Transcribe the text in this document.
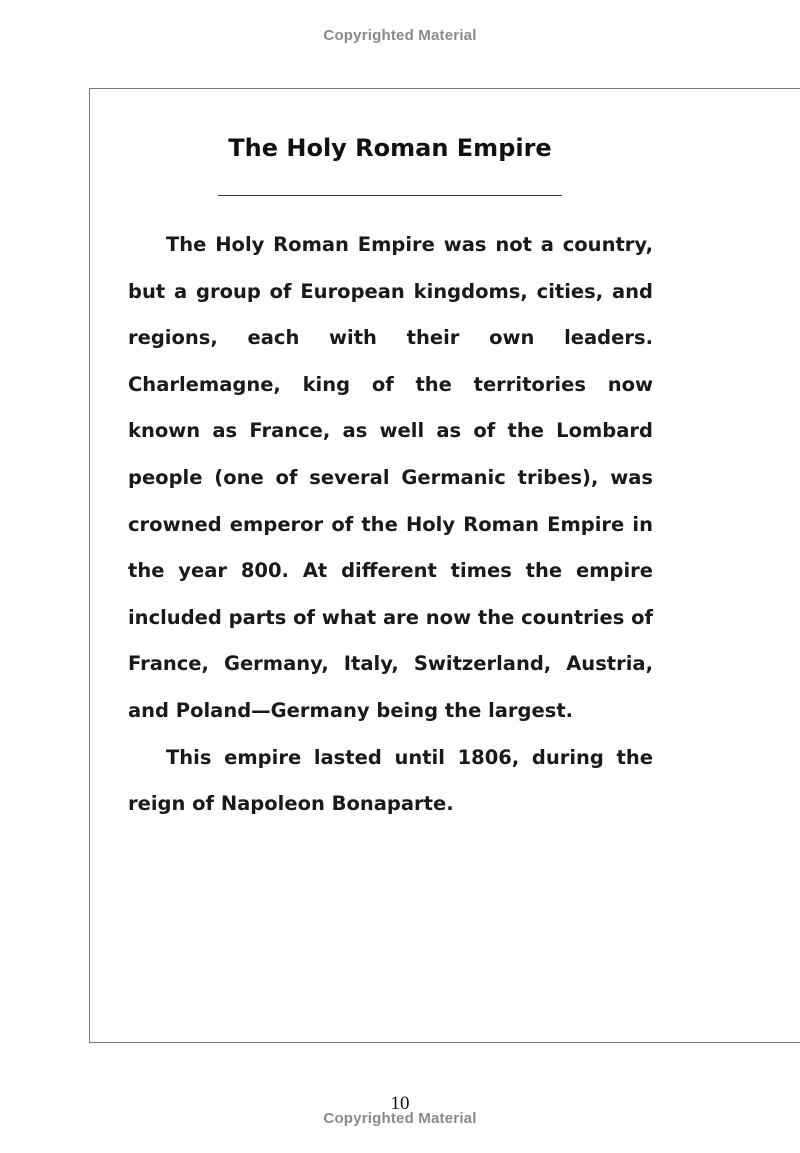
Copyrighted Material
The Holy Roman Empire

The Holy Roman Empire was not a country, but a group of European kingdoms, cities, and regions, each with their own leaders. Charlemagne, king of the territories now known as France, as well as of the Lombard people (one of several Germanic tribes), was crowned emperor of the Holy Roman Empire in the year 800. At different times the empire included parts of what are now the countries of France, Germany, Italy, Switzerland, Austria, and Poland—Germany being the largest.

This empire lasted until 1806, during the reign of Napoleon Bonaparte.

10
Copyrighted Material
